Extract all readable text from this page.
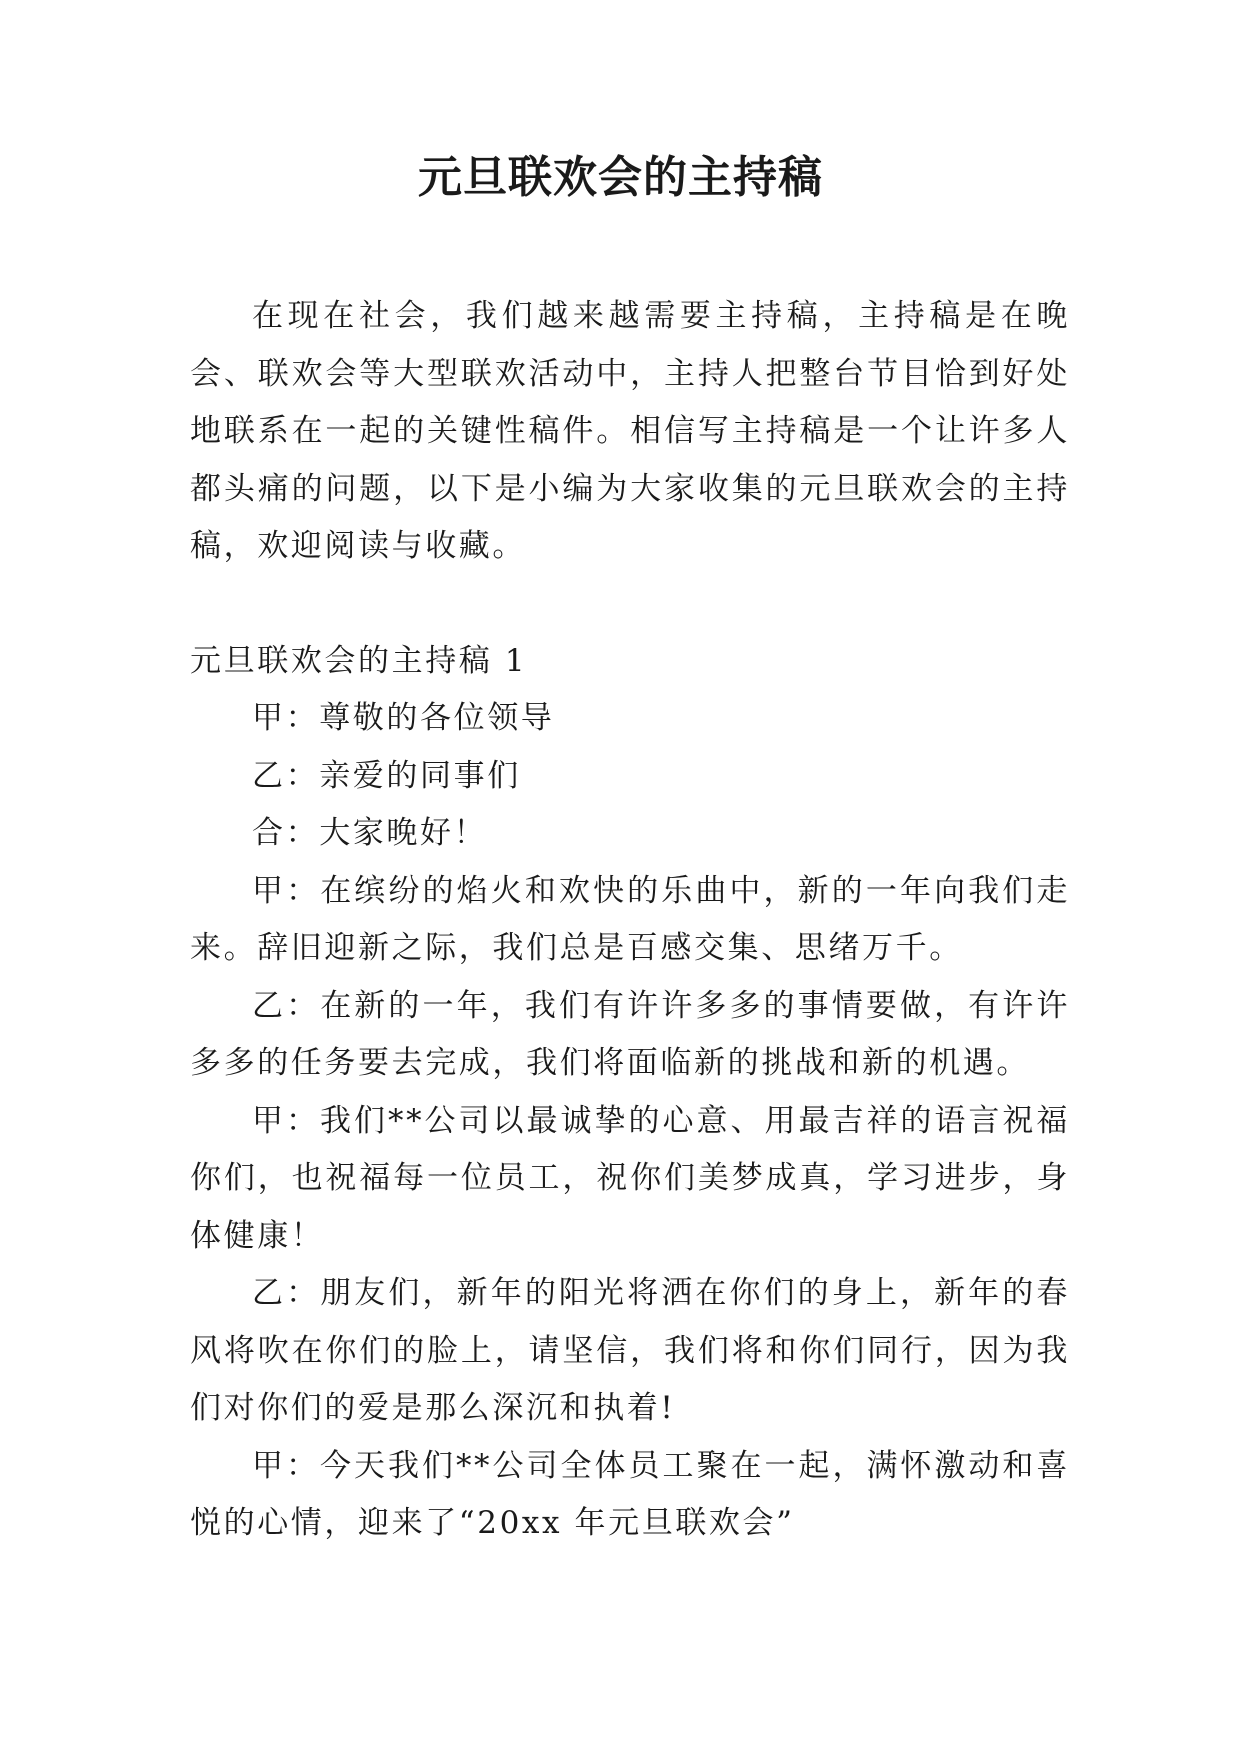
元旦联欢会的主持稿

在现在社会，我们越来越需要主持稿，主持稿是在晚会、联欢会等大型联欢活动中，主持人把整台节目恰到好处地联系在一起的关键性稿件。相信写主持稿是一个让许多人都头痛的问题，以下是小编为大家收集的元旦联欢会的主持稿，欢迎阅读与收藏。

元旦联欢会的主持稿 1

甲：尊敬的各位领导

乙：亲爱的同事们

合：大家晚好！

甲：在缤纷的焰火和欢快的乐曲中，新的一年向我们走来。辞旧迎新之际，我们总是百感交集、思绪万千。

乙：在新的一年，我们有许许多多的事情要做，有许许多多的任务要去完成，我们将面临新的挑战和新的机遇。

甲：我们**公司以最诚挚的心意、用最吉祥的语言祝福你们，也祝福每一位员工，祝你们美梦成真，学习进步，身体健康！

乙：朋友们，新年的阳光将洒在你们的身上，新年的春风将吹在你们的脸上，请坚信，我们将和你们同行，因为我们对你们的爱是那么深沉和执着!

甲：今天我们**公司全体员工聚在一起，满怀激动和喜悦的心情，迎来了“20xx 年元旦联欢会”
